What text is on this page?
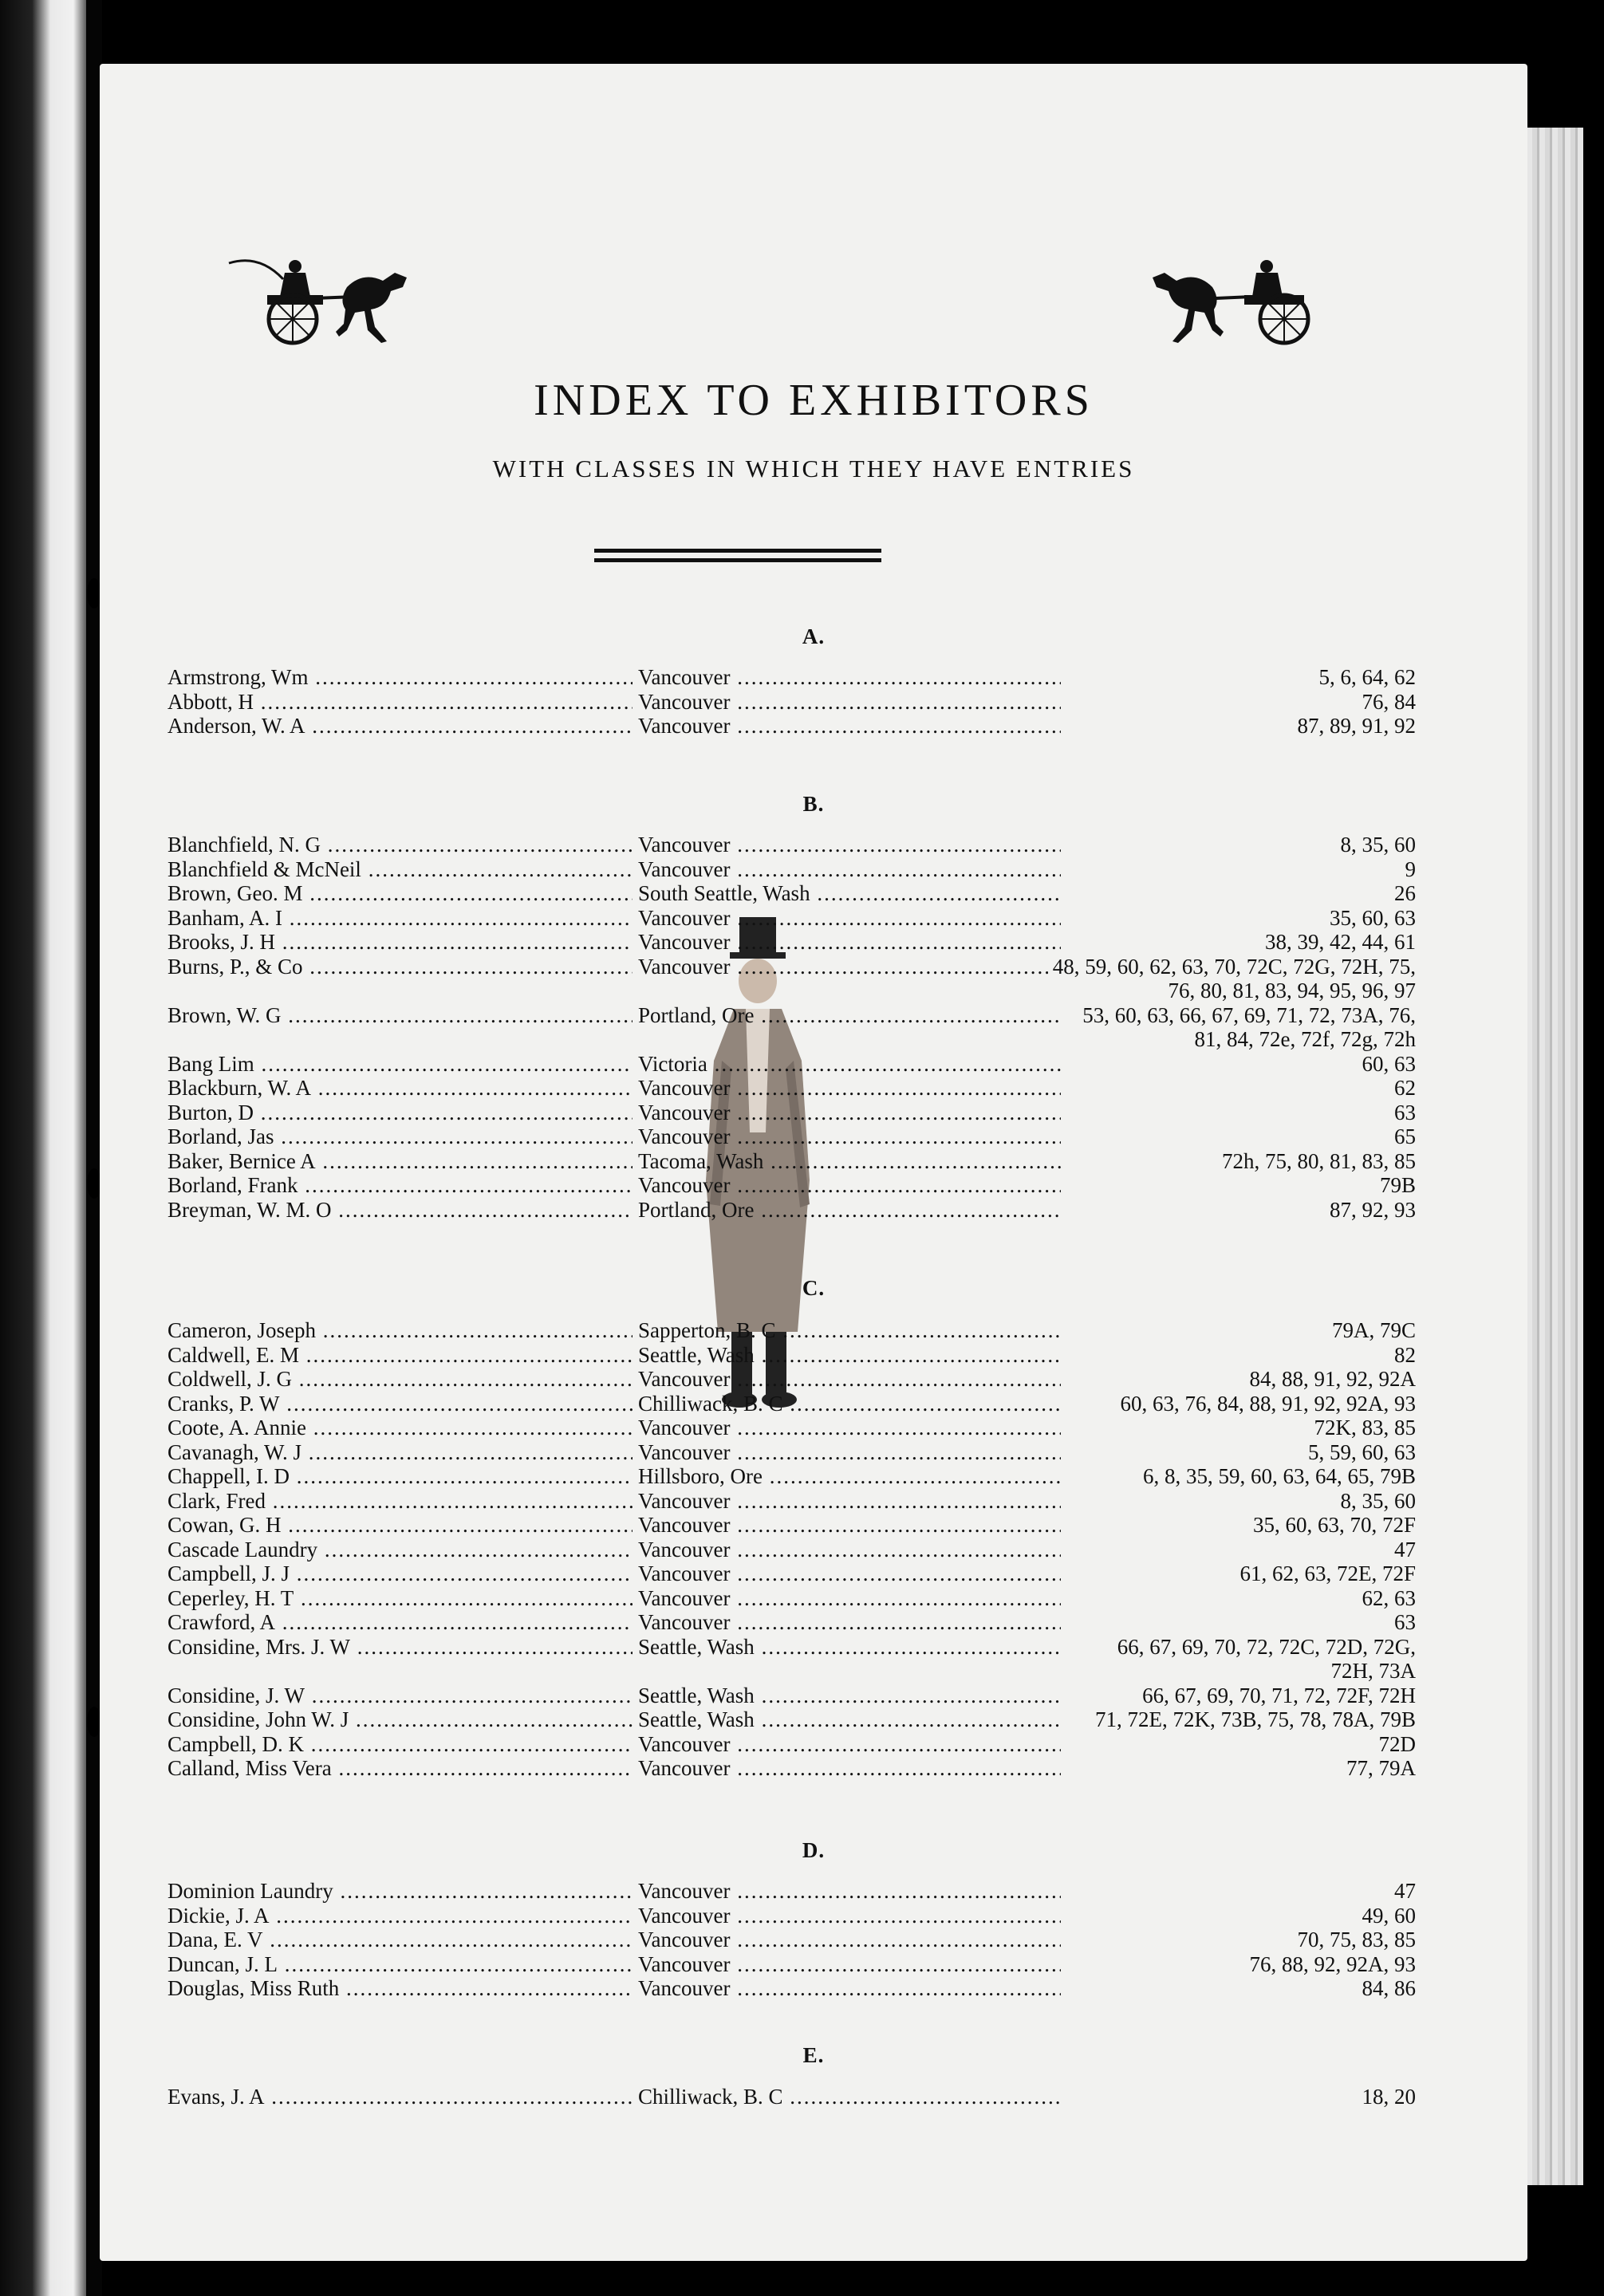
INDEX TO EXHIBITORS
WITH CLASSES IN WHICH THEY HAVE ENTRIES
A.
Armstrong, Wm .....	Vancouver .....	5, 6, 64, 62
Abbott, H .....	Vancouver .....	76, 84
Anderson, W. A .....	Vancouver .....	87, 89, 91, 92
B.
Blanchfield, N. G .....	Vancouver .....	8, 35, 60
Blanchfield & McNeil .....	Vancouver .....	9
Brown, Geo. M .....	South Seattle, Wash .....	26
Banham, A. I .....	Vancouver .....	35, 60, 63
Brooks, J. H .....	Vancouver .....	38, 39, 42, 44, 61
Burns, P., & Co .....	Vancouver .....	48, 59, 60, 62, 63, 70, 72C, 72G, 72H, 75,
76, 80, 81, 83, 94, 95, 96, 97
Brown, W. G .....	Portland, Ore .....	53, 60, 63, 66, 67, 69, 71, 72, 73A, 76,
81, 84, 72e, 72f, 72g, 72h
Bang Lim .....	Victoria .....	60, 63
Blackburn, W. A .....	Vancouver .....	62
Burton, D .....	Vancouver .....	63
Borland, Jas .....	Vancouver .....	65
Baker, Bernice A .....	Tacoma, Wash .....	72h, 75, 80, 81, 83, 85
Borland, Frank .....	Vancouver .....	79B
Breyman, W. M. O .....	Portland, Ore .....	87, 92, 93
C.
Cameron, Joseph .....	Sapperton, B. C .....	79A, 79C
Caldwell, E. M .....	Seattle, Wash .....	82
Coldwell, J. G .....	Vancouver .....	84, 88, 91, 92, 92A
Cranks, P. W .....	Chilliwack, B. C .....	60, 63, 76, 84, 88, 91, 92, 92A, 93
Coote, A. Annie .....	Vancouver .....	72K, 83, 85
Cavanagh, W. J .....	Vancouver .....	5, 59, 60, 63
Chappell, I. D .....	Hillsboro, Ore .....	6, 8, 35, 59, 60, 63, 64, 65, 79B
Clark, Fred .....	Vancouver .....	8, 35, 60
Cowan, G. H .....	Vancouver .....	35, 60, 63, 70, 72F
Cascade Laundry .....	Vancouver .....	47
Campbell, J. J .....	Vancouver .....	61, 62, 63, 72E, 72F
Ceperley, H. T .....	Vancouver .....	62, 63
Crawford, A .....	Vancouver .....	63
Considine, Mrs. J. W .....	Seattle, Wash .....	66, 67, 69, 70, 72, 72C, 72D, 72G,
72H, 73A
Considine, J. W .....	Seattle, Wash .....	66, 67, 69, 70, 71, 72, 72F, 72H
Considine, John W. J .....	Seattle, Wash .....	71, 72E, 72K, 73B, 75, 78, 78A, 79B
Campbell, D. K .....	Vancouver .....	72D
Calland, Miss Vera .....	Vancouver .....	77, 79A
D.
Dominion Laundry .....	Vancouver .....	47
Dickie, J. A .....	Vancouver .....	49, 60
Dana, E. V .....	Vancouver .....	70, 75, 83, 85
Duncan, J. L .....	Vancouver .....	76, 88, 92, 92A, 93
Douglas, Miss Ruth .....	Vancouver .....	84, 86
E.
Evans, J. A .....	Chilliwack, B. C .....	18, 20
